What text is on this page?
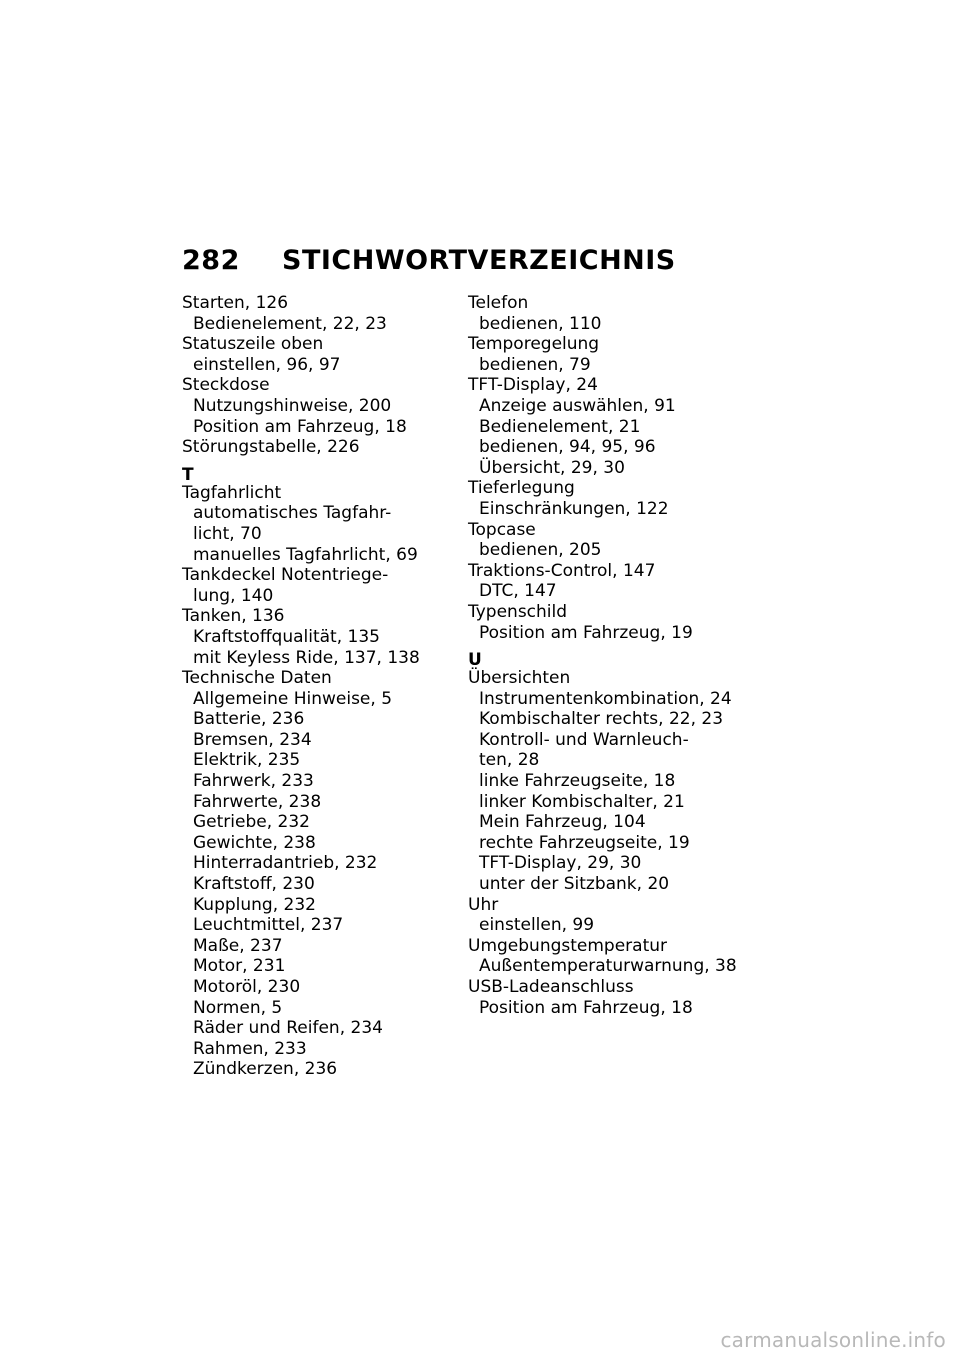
282	STICHWORTVERZEICHNIS
Starten, 126
Bedienelement, 22, 23
Statuszeile oben
einstellen, 96, 97
Steckdose
Nutzungshinweise, 200
Position am Fahrzeug, 18
Störungstabelle, 226
T
Tagfahrlicht
automatisches Tagfahr-
licht, 70
manuelles Tagfahrlicht, 69
Tankdeckel Notentriege-
lung, 140
Tanken, 136
Kraftstoffqualität, 135
mit Keyless Ride, 137, 138
Technische Daten
Allgemeine Hinweise, 5
Batterie, 236
Bremsen, 234
Elektrik, 235
Fahrwerk, 233
Fahrwerte, 238
Getriebe, 232
Gewichte, 238
Hinterradantrieb, 232
Kraftstoff, 230
Kupplung, 232
Leuchtmittel, 237
Maße, 237
Motor, 231
Motoröl, 230
Normen, 5
Räder und Reifen, 234
Rahmen, 233
Zündkerzen, 236
Telefon
bedienen, 110
Temporegelung
bedienen, 79
TFT-Display, 24
Anzeige auswählen, 91
Bedienelement, 21
bedienen, 94, 95, 96
Übersicht, 29, 30
Tieferlegung
Einschränkungen, 122
Topcase
bedienen, 205
Traktions-Control, 147
DTC, 147
Typenschild
Position am Fahrzeug, 19
U
Übersichten
Instrumentenkombination, 24
Kombischalter rechts, 22, 23
Kontroll- und Warnleuch-
ten, 28
linke Fahrzeugseite, 18
linker Kombischalter, 21
Mein Fahrzeug, 104
rechte Fahrzeugseite, 19
TFT-Display, 29, 30
unter der Sitzbank, 20
Uhr
einstellen, 99
Umgebungstemperatur
Außentemperaturwarnung, 38
USB-Ladeanschluss
Position am Fahrzeug, 18
carmanualsonline.info
